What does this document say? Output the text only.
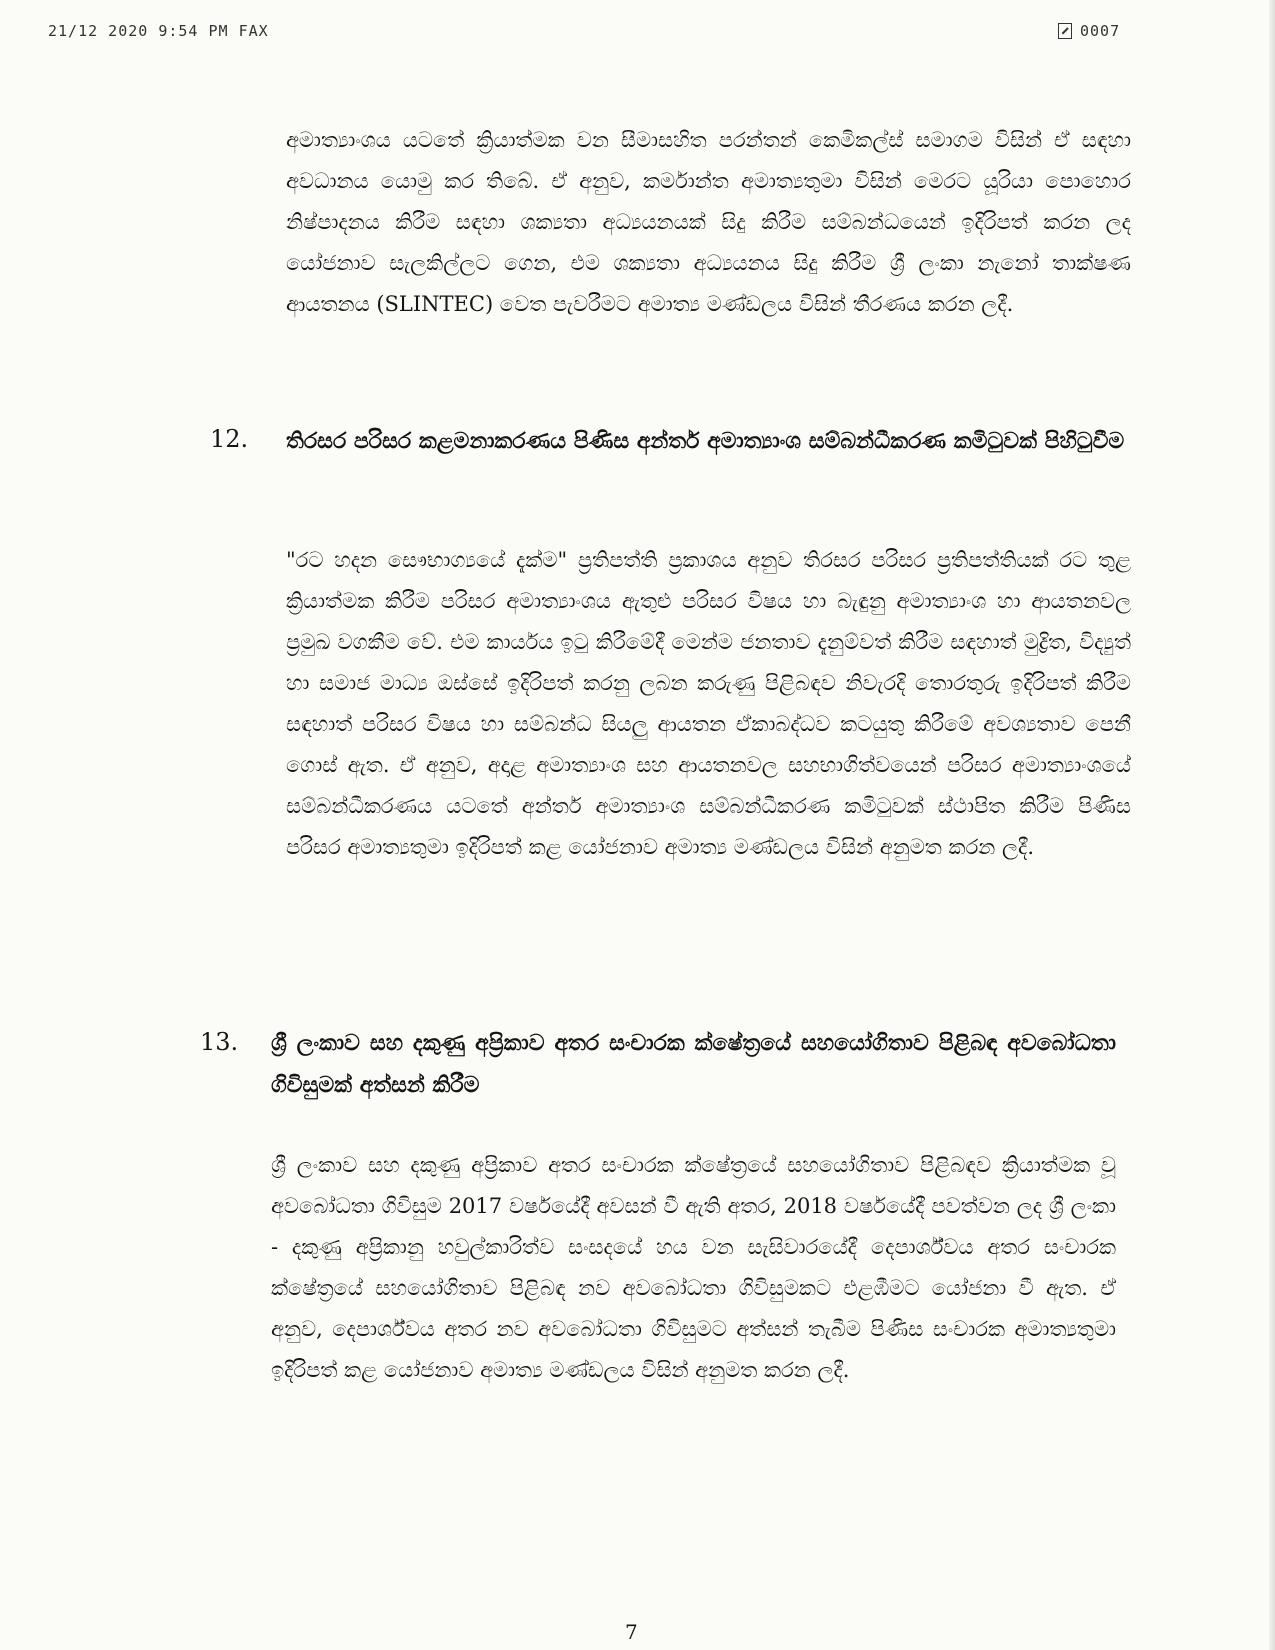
21/12 2020 9:54 PM FAX	0007
අමාත්‍යාංශය යටතේ ක්‍රියාත්මක වන සීමාසහිත පරන්තන් කෙමිකල්ස් සමාගම විසින් ඒ සඳහා අවධානය යොමු කර තිබේ. ඒ අනුව, කර්මාන්ත අමාත්‍යතුමා විසින් මෙරට යූරියා පොහොර නිෂ්පාදනය කිරීම සඳහා ශක්‍යතා අධ්‍යයනයක් සිදු කිරීම සම්බන්ධයෙන් ඉදිරිපත් කරන ලද යෝජනාව සැලකිල්ලට ගෙන, එම ශක්‍යතා අධ්‍යයනය සිදු කිරීම ශ්‍රී ලංකා නැනෝ තාක්ෂණ ආයතනය (SLINTEC) වෙත පැවරීමට අමාත්‍ය මණ්ඩලය විසින් තීරණය කරන ලදී.
12. තිරසර පරිසර කළමනාකරණය පිණිස අන්තර් අමාත්‍යාංශ සම්බන්ධීකරණ කමිටුවක් පිහිටුවීම
"රට හදන සෞභාග්‍යයේ දැක්ම" ප්‍රතිපත්ති ප්‍රකාශය අනුව තිරසර පරිසර ප්‍රතිපත්තියක් රට තුළ ක්‍රියාත්මක කිරීම පරිසර අමාත්‍යාංශය ඇතුළු පරිසර විෂය හා බැඳුනු අමාත්‍යාංශ හා ආයතනවල ප්‍රමුඛ වගකීම වේ. එම කාර්යය ඉටු කිරීමේදී මෙන්ම ජනතාව දැනුම්වත් කිරීම සඳහාත් මුද්‍රිත, විද්‍යුත් හා සමාජ මාධ්‍ය ඔස්සේ ඉදිරිපත් කරනු ලබන කරුණු පිළිබඳව නිවැරදි තොරතුරු ඉදිරිපත් කිරීම සඳහාත් පරිසර විෂය හා සම්බන්ධ සියලු ආයතන ඒකාබද්ධව කටයුතු කිරීමේ අවශ්‍යතාව පෙනී ගොස් ඇත. ඒ අනුව, අදාළ අමාත්‍යාංශ සහ ආයතනවල සහභාගිත්වයෙන් පරිසර අමාත්‍යාංශයේ සම්බන්ධීකරණය යටතේ අන්තර් අමාත්‍යාංශ සම්බන්ධීකරණ කමිටුවක් ස්ථාපිත කිරීම පිණිස පරිසර අමාත්‍යතුමා ඉදිරිපත් කළ යෝජනාව අමාත්‍ය මණ්ඩලය විසින් අනුමත කරන ලදී.
13. ශ්‍රී ලංකාව සහ දකුණු අප්‍රිකාව අතර සංචාරක ක්ෂේත්‍රයේ සහයෝගිතාව පිළිබඳ අවබෝධතා ගිවිසුමක් අත්සන් කිරීම
ශ්‍රී ලංකාව සහ දකුණු අප්‍රිකාව අතර සංචාරක ක්ෂේත්‍රයේ සහයෝගිතාව පිළිබඳව ක්‍රියාත්මක වූ අවබෝධතා ගිවිසුම 2017 වර්ෂයේදී අවසන් වී ඇති අතර, 2018 වර්ෂයේදී පවත්වන ලද ශ්‍රී ලංකා - දකුණු අප්‍රිකානු හවුල්කාරිත්ව සංසදයේ හය වන සැසිවාරයේදී දෙපාර්ශ්වය අතර සංචාරක ක්ෂේත්‍රයේ සහයෝගිතාව පිළිබඳ නව අවබෝධතා ගිවිසුමකට එළඹීමට යෝජනා වී ඇත. ඒ අනුව, දෙපාර්ශ්වය අතර නව අවබෝධතා ගිවිසුමට අත්සන් තැබීම පිණිස සංචාරක අමාත්‍යතුමා ඉදිරිපත් කළ යෝජනාව අමාත්‍ය මණ්ඩලය විසින් අනුමත කරන ලදී.
7
